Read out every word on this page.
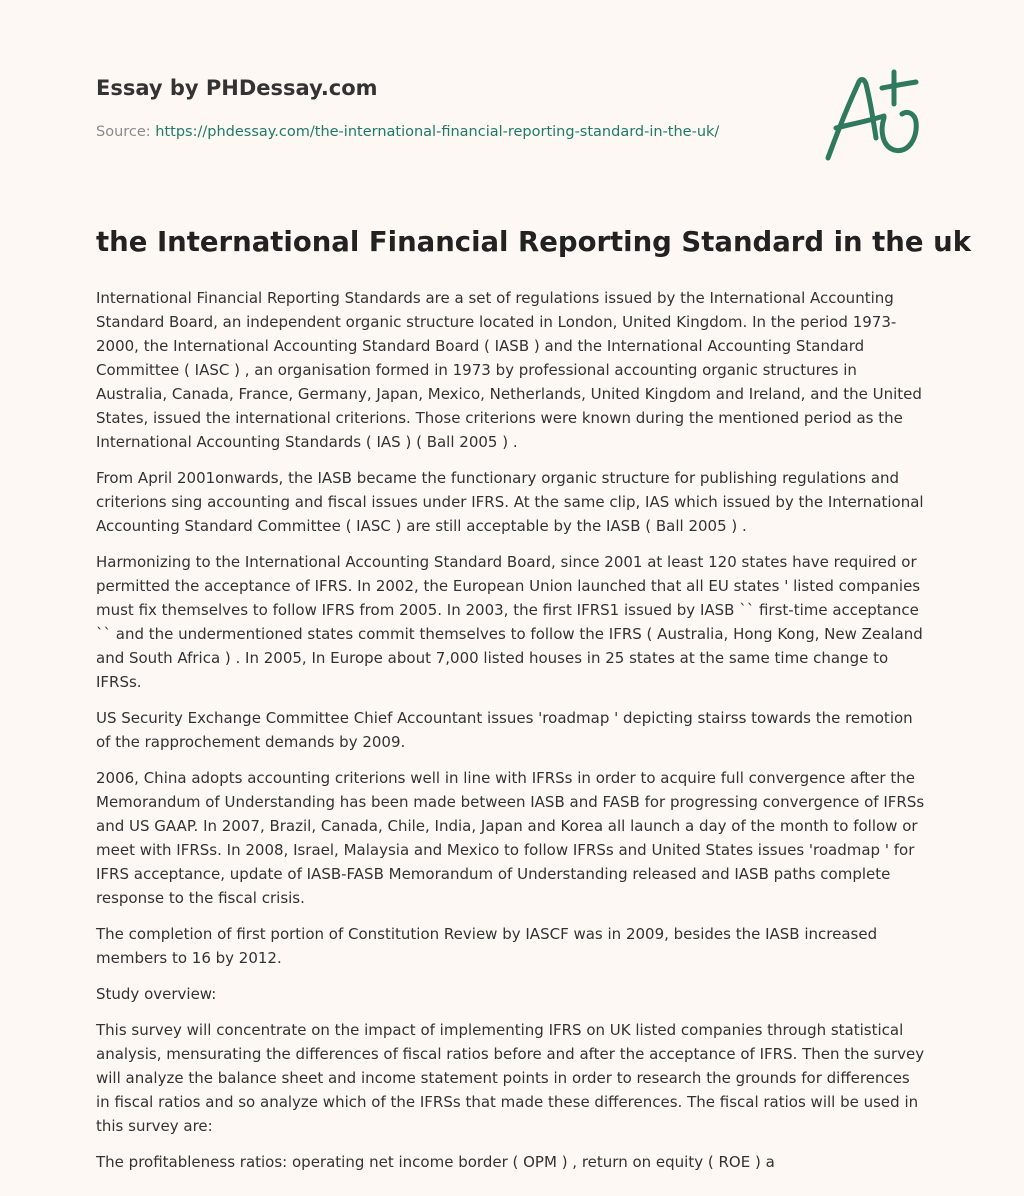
Essay by PHDessay.com
Source: https://phdessay.com/the-international-financial-reporting-standard-in-the-uk/
the International Financial Reporting Standard in the uk

International Financial Reporting Standards are a set of regulations issued by the International Accounting Standard Board, an independent organic structure located in London, United Kingdom. In the period 1973-2000, the International Accounting Standard Board ( IASB ) and the International Accounting Standard Committee ( IASC ) , an organisation formed in 1973 by professional accounting organic structures in Australia, Canada, France, Germany, Japan, Mexico, Netherlands, United Kingdom and Ireland, and the United States, issued the international criterions. Those criterions were known during the mentioned period as the International Accounting Standards ( IAS ) ( Ball 2005 ) .

From April 2001onwards, the IASB became the functionary organic structure for publishing regulations and criterions sing accounting and fiscal issues under IFRS. At the same clip, IAS which issued by the International Accounting Standard Committee ( IASC ) are still acceptable by the IASB ( Ball 2005 ) .

Harmonizing to the International Accounting Standard Board, since 2001 at least 120 states have required or permitted the acceptance of IFRS. In 2002, the European Union launched that all EU states ' listed companies must fix themselves to follow IFRS from 2005. In 2003, the first IFRS1 issued by IASB `` first-time acceptance `` and the undermentioned states commit themselves to follow the IFRS ( Australia, Hong Kong, New Zealand and South Africa ) . In 2005, In Europe about 7,000 listed houses in 25 states at the same time change to IFRSs.

US Security Exchange Committee Chief Accountant issues 'roadmap ' depicting stairss towards the remotion of the rapprochement demands by 2009.

2006, China adopts accounting criterions well in line with IFRSs in order to acquire full convergence after the Memorandum of Understanding has been made between IASB and FASB for progressing convergence of IFRSs and US GAAP. In 2007, Brazil, Canada, Chile, India, Japan and Korea all launch a day of the month to follow or meet with IFRSs. In 2008, Israel, Malaysia and Mexico to follow IFRSs and United States issues 'roadmap ' for IFRS acceptance, update of IASB-FASB Memorandum of Understanding released and IASB paths complete response to the fiscal crisis.

The completion of first portion of Constitution Review by IASCF was in 2009, besides the IASB increased members to 16 by 2012.

Study overview:

This survey will concentrate on the impact of implementing IFRS on UK listed companies through statistical analysis, mensurating the differences of fiscal ratios before and after the acceptance of IFRS. Then the survey will analyze the balance sheet and income statement points in order to research the grounds for differences in fiscal ratios and so analyze which of the IFRSs that made these differences. The fiscal ratios will be used in this survey are:

The profitableness ratios: operating net income border ( OPM ) , return on equity ( ROE ) a
